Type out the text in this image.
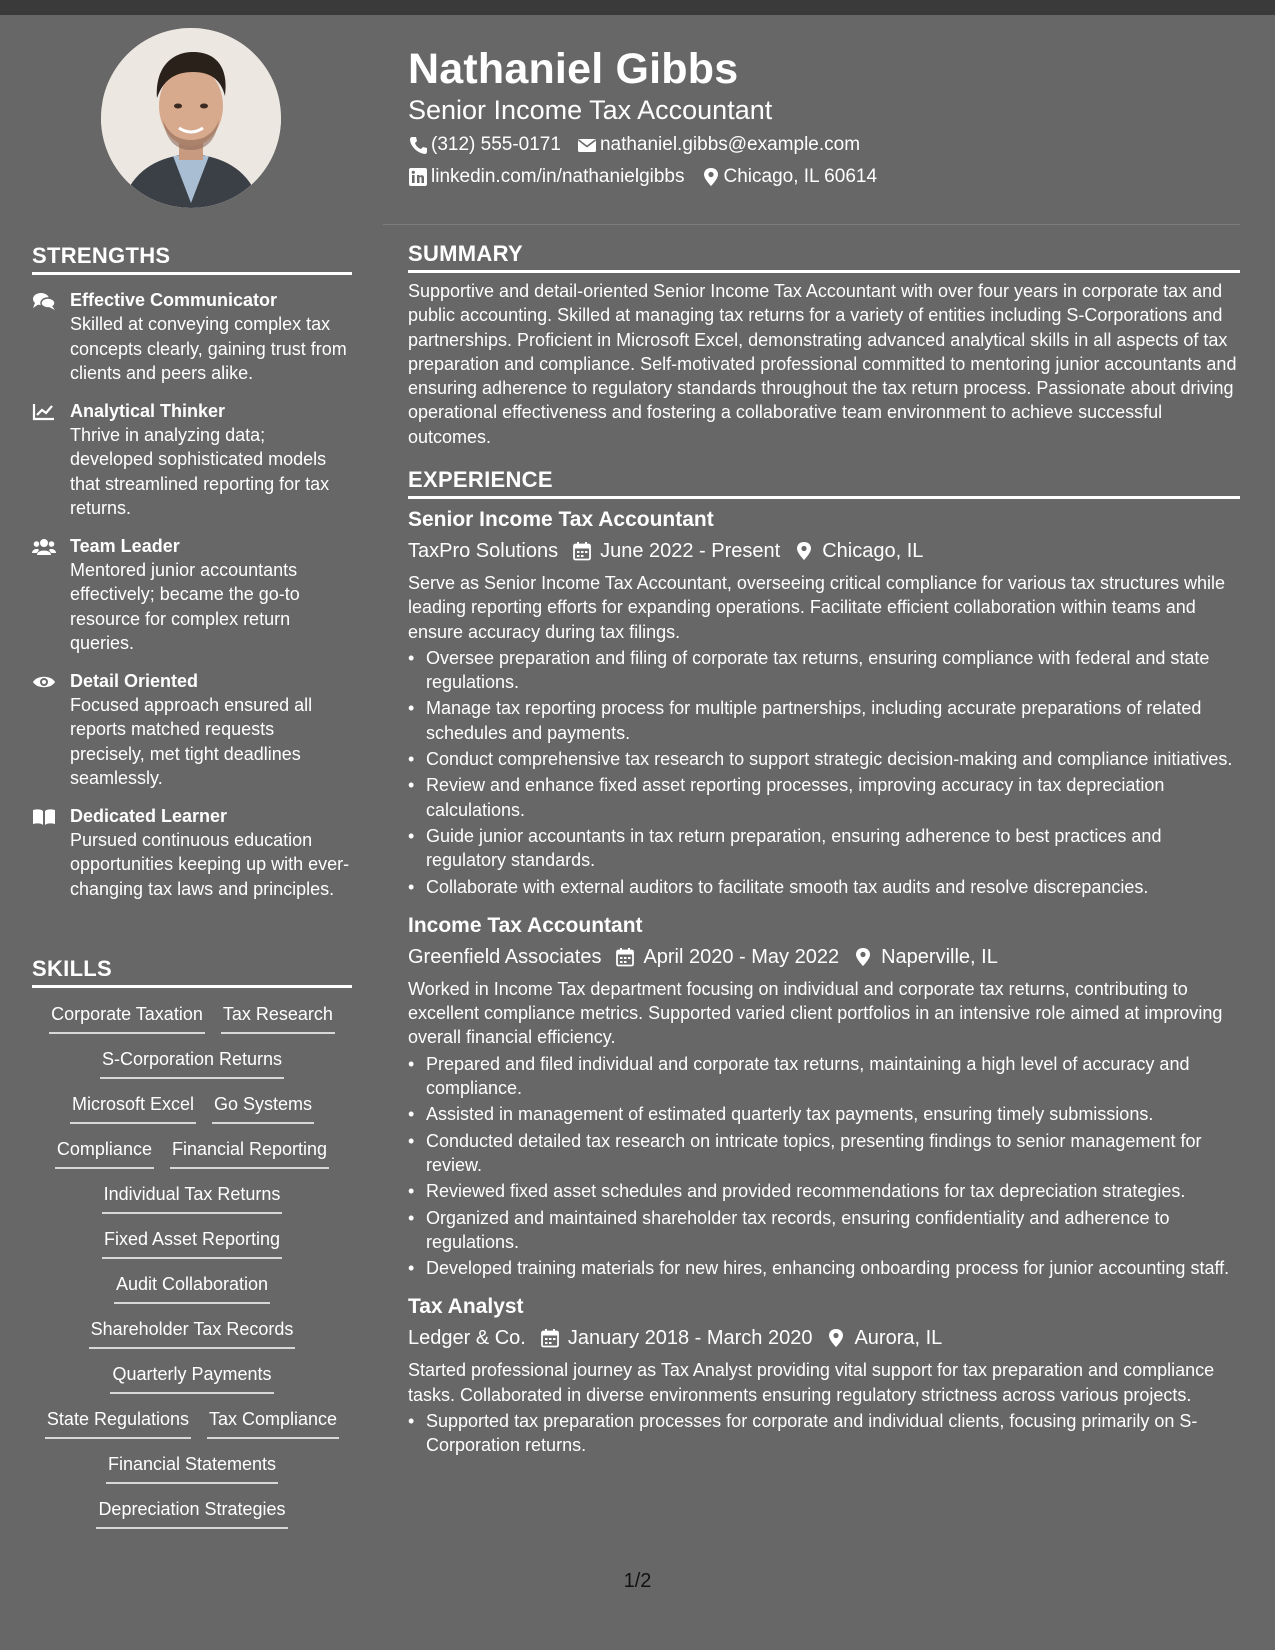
STRENGTHS
Effective Communicator
Skilled at conveying complex tax concepts clearly, gaining trust from clients and peers alike.
Analytical Thinker
Thrive in analyzing data; developed sophisticated models that streamlined reporting for tax returns.
Team Leader
Mentored junior accountants effectively; became the go-to resource for complex return queries.
Detail Oriented
Focused approach ensured all reports matched requests precisely, met tight deadlines seamlessly.
Dedicated Learner
Pursued continuous education opportunities keeping up with ever-changing tax laws and principles.
SKILLS
Corporate Taxation Tax Research
S-Corporation Returns
Microsoft Excel Go Systems
Compliance Financial Reporting
Individual Tax Returns
Fixed Asset Reporting
Audit Collaboration
Shareholder Tax Records
Quarterly Payments
State Regulations Tax Compliance
Financial Statements
Depreciation Strategies
Nathaniel Gibbs
Senior Income Tax Accountant
(312) 555-0171 nathaniel.gibbs@example.com
linkedin.com/in/nathanielgibbs Chicago, IL 60614
SUMMARY
Supportive and detail-oriented Senior Income Tax Accountant with over four years in corporate tax and public accounting. Skilled at managing tax returns for a variety of entities including S-Corporations and partnerships. Proficient in Microsoft Excel, demonstrating advanced analytical skills in all aspects of tax preparation and compliance. Self-motivated professional committed to mentoring junior accountants and ensuring adherence to regulatory standards throughout the tax return process. Passionate about driving operational effectiveness and fostering a collaborative team environment to achieve successful outcomes.
EXPERIENCE
Senior Income Tax Accountant
TaxPro Solutions June 2022 - Present Chicago, IL
Serve as Senior Income Tax Accountant, overseeing critical compliance for various tax structures while leading reporting efforts for expanding operations. Facilitate efficient collaboration within teams and ensure accuracy during tax filings.
• Oversee preparation and filing of corporate tax returns, ensuring compliance with federal and state regulations.
• Manage tax reporting process for multiple partnerships, including accurate preparations of related schedules and payments.
• Conduct comprehensive tax research to support strategic decision-making and compliance initiatives.
• Review and enhance fixed asset reporting processes, improving accuracy in tax depreciation calculations.
• Guide junior accountants in tax return preparation, ensuring adherence to best practices and regulatory standards.
• Collaborate with external auditors to facilitate smooth tax audits and resolve discrepancies.
Income Tax Accountant
Greenfield Associates April 2020 - May 2022 Naperville, IL
Worked in Income Tax department focusing on individual and corporate tax returns, contributing to excellent compliance metrics. Supported varied client portfolios in an intensive role aimed at improving overall financial efficiency.
• Prepared and filed individual and corporate tax returns, maintaining a high level of accuracy and compliance.
• Assisted in management of estimated quarterly tax payments, ensuring timely submissions.
• Conducted detailed tax research on intricate topics, presenting findings to senior management for review.
• Reviewed fixed asset schedules and provided recommendations for tax depreciation strategies.
• Organized and maintained shareholder tax records, ensuring confidentiality and adherence to regulations.
• Developed training materials for new hires, enhancing onboarding process for junior accounting staff.
Tax Analyst
Ledger & Co. January 2018 - March 2020 Aurora, IL
Started professional journey as Tax Analyst providing vital support for tax preparation and compliance tasks. Collaborated in diverse environments ensuring regulatory strictness across various projects.
• Supported tax preparation processes for corporate and individual clients, focusing primarily on S-Corporation returns.
1/2
